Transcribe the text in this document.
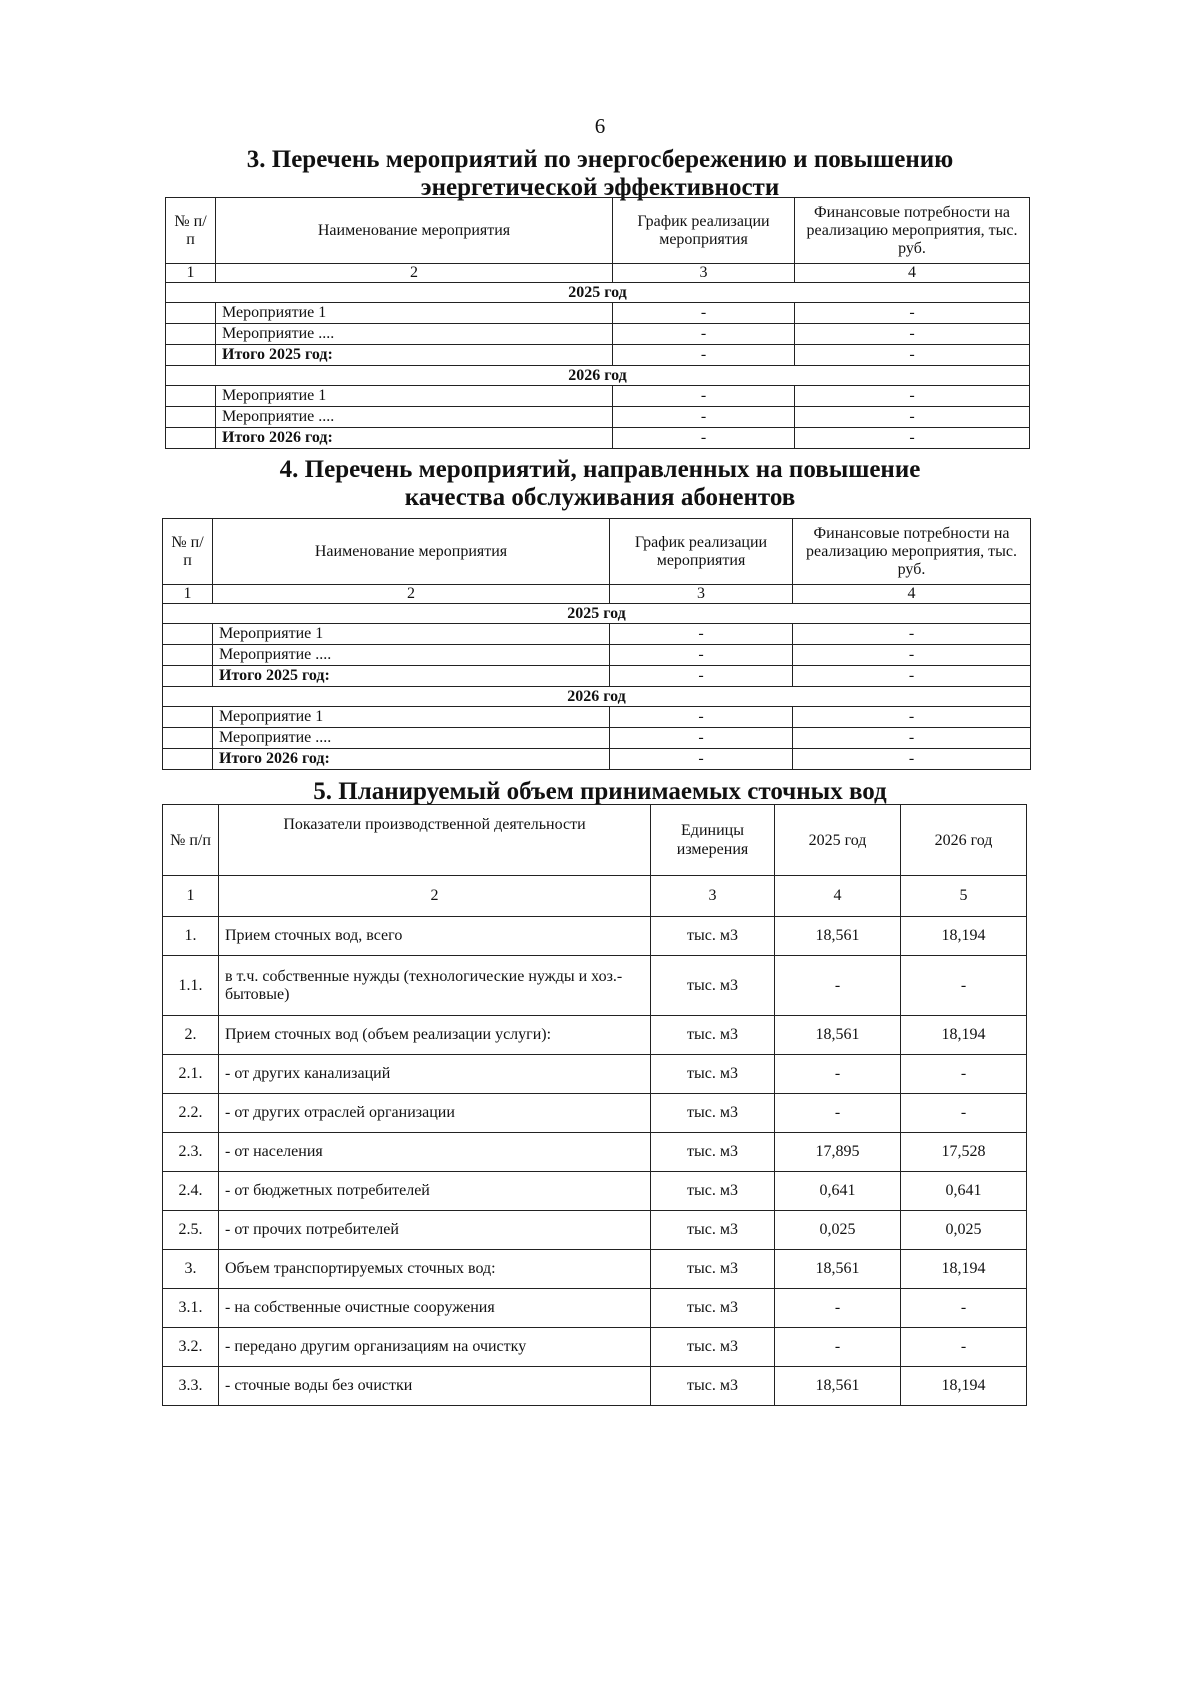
6
3. Перечень мероприятий по энергосбережению и повышению
энергетической эффективности
№ п/п	Наименование мероприятия	График реализации мероприятия	Финансовые потребности на реализацию мероприятия, тыс. руб.
1	2	3	4
2025 год			
	Мероприятие 1	-	-
	Мероприятие ....	-	-
	Итого 2025 год:	-	-
2026 год			
	Мероприятие 1	-	-
	Мероприятие ....	-	-
	Итого 2026 год:	-	-
4. Перечень мероприятий, направленных на повышение
качества обслуживания абонентов
№ п/п	Наименование мероприятия	График реализации мероприятия	Финансовые потребности на реализацию мероприятия, тыс. руб.
1	2	3	4
2025 год			
	Мероприятие 1	-	-
	Мероприятие ....	-	-
	Итого 2025 год:	-	-
2026 год			
	Мероприятие 1	-	-
	Мероприятие ....	-	-
	Итого 2026 год:	-	-
5. Планируемый объем принимаемых сточных вод
№ п/п	Показатели производственной деятельности	Единицы измерения	2025 год	2026 год
1	2	3	4	5
1.	Прием сточных вод, всего	тыс. м3	18,561	18,194
1.1.	в т.ч. собственные нужды (технологические нужды и хоз.-бытовые)	тыс. м3	-	-
2.	Прием сточных вод (объем реализации услуги):	тыс. м3	18,561	18,194
2.1.	- от других канализаций	тыс. м3	-	-
2.2.	- от других отраслей организации	тыс. м3	-	-
2.3.	- от населения	тыс. м3	17,895	17,528
2.4.	- от бюджетных потребителей	тыс. м3	0,641	0,641
2.5.	- от прочих потребителей	тыс. м3	0,025	0,025
3.	Объем транспортируемых сточных вод:	тыс. м3	18,561	18,194
3.1.	- на собственные очистные сооружения	тыс. м3	-	-
3.2.	- передано другим организациям на очистку	тыс. м3	-	-
3.3.	- сточные воды без очистки	тыс. м3	18,561	18,194
